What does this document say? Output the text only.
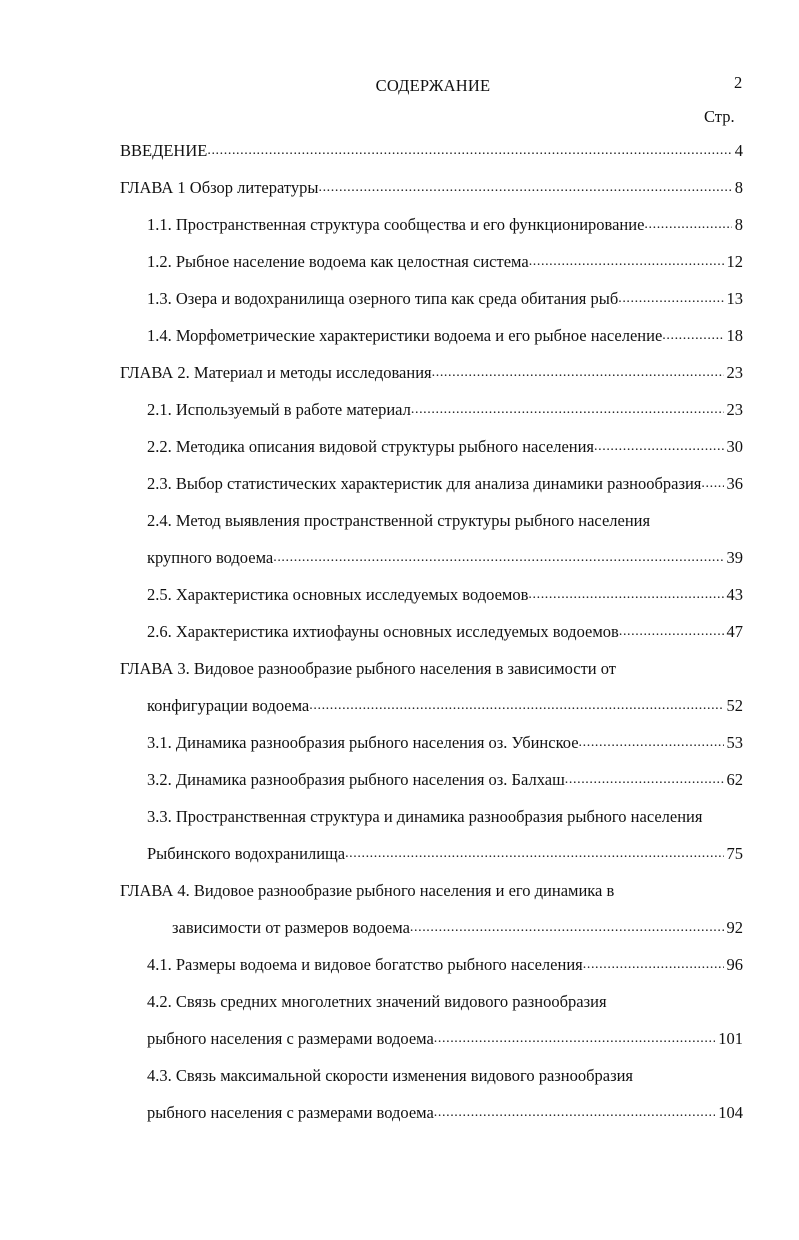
2
СОДЕРЖАНИЕ
Стр.
ВВЕДЕНИЕ .....	4
ГЛАВА 1 Обзор литературы .....	8
1.1. Пространственная структура сообщества и его функционирование .....	8
1.2. Рыбное население водоема как целостная система .....	12
1.3. Озера и водохранилища озерного типа как среда обитания рыб .....	13
1.4. Морфометрические характеристики водоема и его рыбное население .....	18
ГЛАВА 2. Материал и методы исследования .....	23
2.1. Используемый в работе материал .....	23
2.2. Методика описания видовой структуры рыбного населения .....	30
2.3. Выбор статистических характеристик для анализа динамики разнообразия ..... 36
2.4. Метод выявления пространственной структуры рыбного населения
крупного водоема .....	39
2.5. Характеристика основных исследуемых водоемов .....	43
2.6. Характеристика ихтиофауны основных исследуемых водоемов .....	47
ГЛАВА 3. Видовое разнообразие рыбного населения в зависимости от
конфигурации водоема .....	52
3.1. Динамика разнообразия рыбного населения оз. Убинское .....	53
3.2. Динамика разнообразия рыбного населения оз. Балхаш .....	62
3.3. Пространственная структура и динамика разнообразия рыбного населения
Рыбинского водохранилища .....	75
ГЛАВА 4. Видовое разнообразие рыбного населения и его динамика в
зависимости от размеров водоема .....	92
4.1. Размеры водоема и видовое богатство рыбного населения .....	96
4.2. Связь средних многолетних значений видового разнообразия
рыбного населения с размерами водоема .....	101
4.3. Связь максимальной скорости изменения видового разнообразия
рыбного населения с размерами водоема .....	104
